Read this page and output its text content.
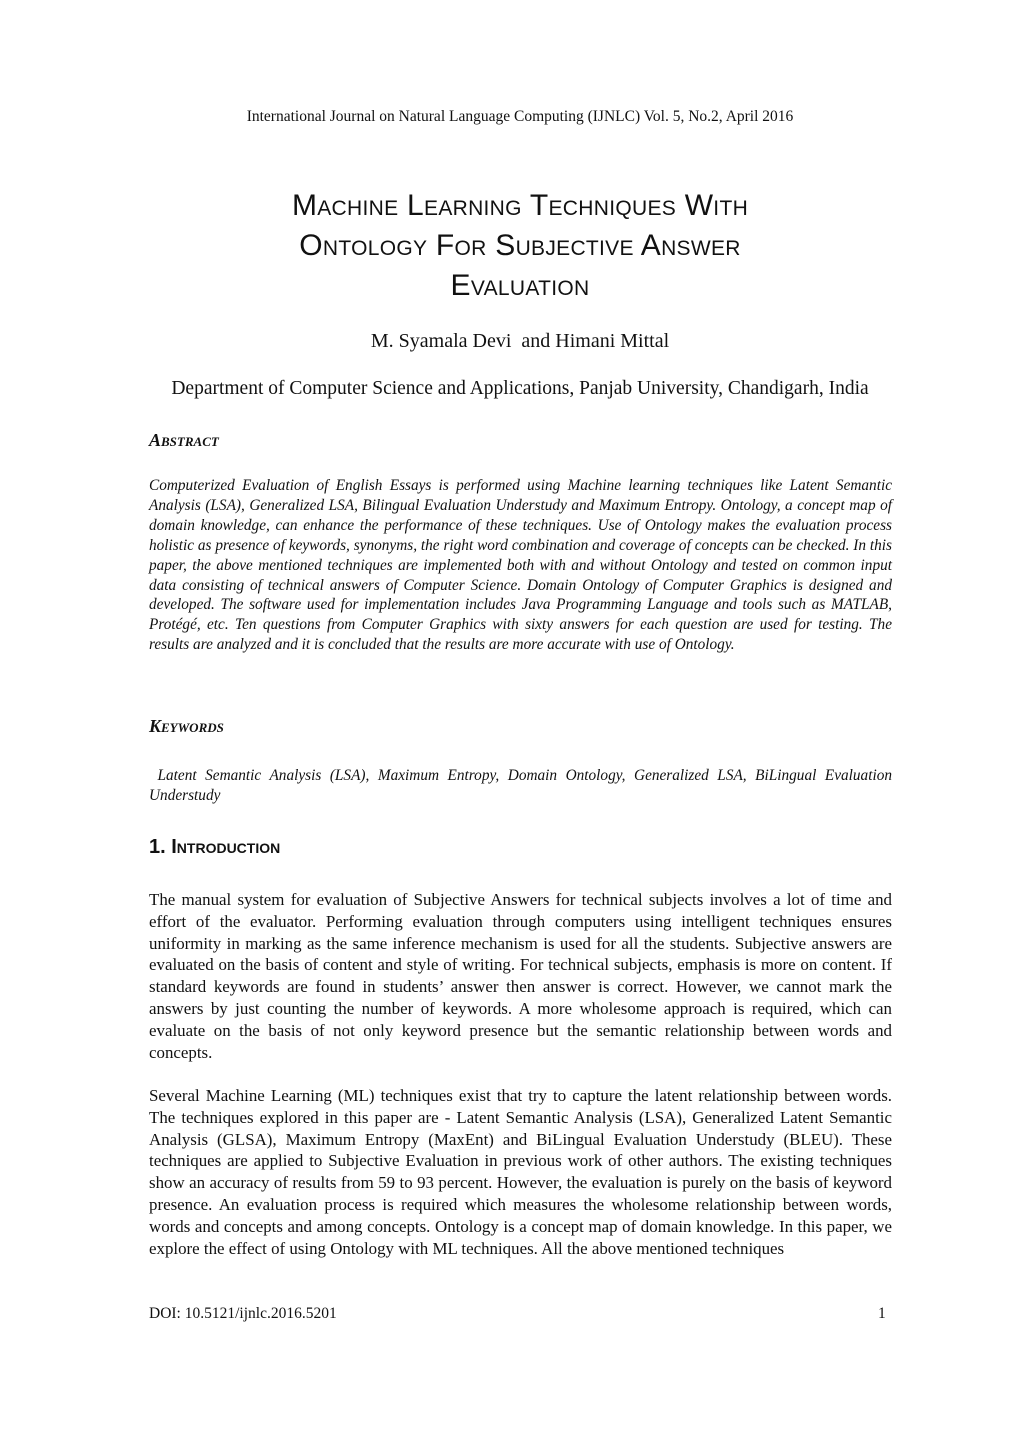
International Journal on Natural Language Computing (IJNLC) Vol. 5, No.2, April 2016
Machine Learning Techniques With
Ontology For Subjective Answer
Evaluation
M. Syamala Devi  and Himani Mittal
Department of Computer Science and Applications, Panjab University, Chandigarh, India
Abstract
Computerized Evaluation of English Essays is performed using Machine learning techniques like Latent Semantic Analysis (LSA), Generalized LSA, Bilingual Evaluation Understudy and Maximum Entropy. Ontology, a concept map of domain knowledge, can enhance the performance of these techniques. Use of Ontology makes the evaluation process holistic as presence of keywords, synonyms, the right word combination and coverage of concepts can be checked. In this paper, the above mentioned techniques are implemented both with and without Ontology and tested on common input data consisting of technical answers of Computer Science. Domain Ontology of Computer Graphics is designed and developed. The software used for implementation includes Java Programming Language and tools such as MATLAB, Protégé, etc. Ten questions from Computer Graphics with sixty answers for each question are used for testing. The results are analyzed and it is concluded that the results are more accurate with use of Ontology.
Keywords
Latent Semantic Analysis (LSA), Maximum Entropy, Domain Ontology, Generalized LSA, BiLingual Evaluation Understudy
1. Introduction
The manual system for evaluation of Subjective Answers for technical subjects involves a lot of time and effort of the evaluator. Performing evaluation through computers using intelligent techniques ensures uniformity in marking as the same inference mechanism is used for all the students. Subjective answers are evaluated on the basis of content and style of writing. For technical subjects, emphasis is more on content. If standard keywords are found in students’ answer then answer is correct. However, we cannot mark the answers by just counting the number of keywords. A more wholesome approach is required, which can evaluate on the basis of not only keyword presence but the semantic relationship between words and concepts.
Several Machine Learning (ML) techniques exist that try to capture the latent relationship between words. The techniques explored in this paper are - Latent Semantic Analysis (LSA), Generalized Latent Semantic Analysis (GLSA), Maximum Entropy (MaxEnt) and BiLingual Evaluation Understudy (BLEU). These techniques are applied to Subjective Evaluation in previous work of other authors. The existing techniques show an accuracy of results from 59 to 93 percent. However, the evaluation is purely on the basis of keyword presence. An evaluation process is required which measures the wholesome relationship between words, words and concepts and among concepts. Ontology is a concept map of domain knowledge. In this paper, we explore the effect of using Ontology with ML techniques. All the above mentioned techniques
DOI: 10.5121/ijnlc.2016.5201	1
